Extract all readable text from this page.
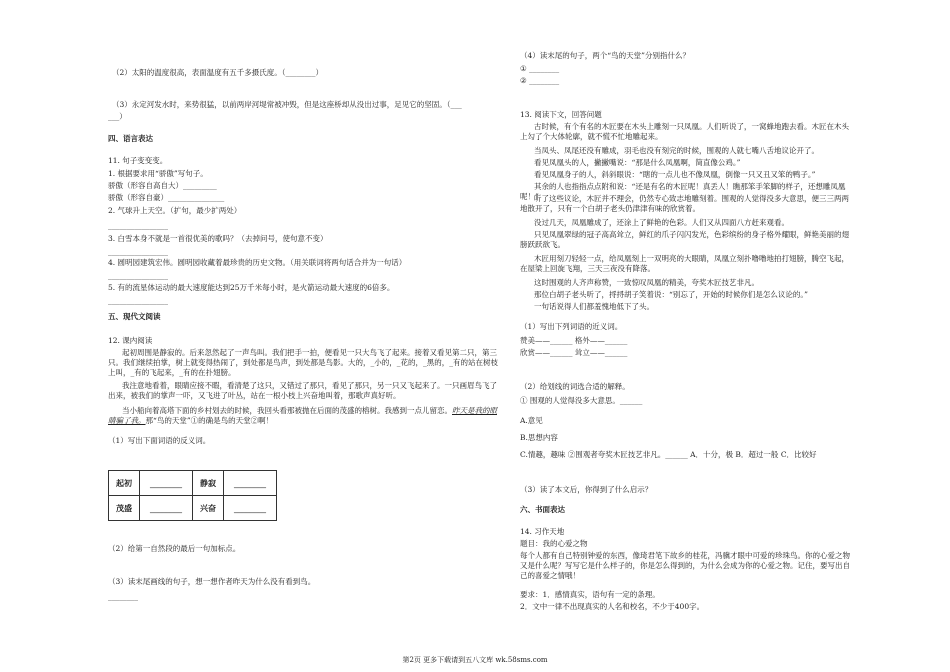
（2）太阳的温度很高，表面温度有五千多摄氏度。（________）
（3）永定河发水时，来势很猛，以前两岸河堤常被冲毁，但是这座桥却从没出过事，足见它的坚固。（___
___）
四、语言表达
11. 句子变变变。
1. 根据要求用“骄傲”写句子。
骄傲（形容自高自大）_________
骄傲（形容自豪）_______________
2. 气球升上天空。（扩句，最少扩两处）
________________
3. 白雪本身不就是一首很优美的歌吗？（去掉问号，使句意不变）
________________
4. 圆明园建筑宏伟。圆明园收藏着最珍贵的历史文物。（用关联词将两句话合并为一句话）
________________
5. 有的流星体运动的最大速度能达到25万千米每小时，是火箭运动最大速度的6倍多。
________________
五、现代文阅读
12. 课内阅读
起初周围是静寂的。后来忽然起了一声鸟叫。我们把手一拍，便看见一只大鸟飞了起来。接着又看见第二只，第三只。我们继续拍掌，树上就变得热闹了，到处都是鸟声，到处都是鸟影。大的，_小的，_花的，_黑的，_有的站在树枝上叫，_有的飞起来，_有的在扑翅膀。
我注意地看着，眼睛应接不暇，看清楚了这只，又错过了那只，看见了那只，另一只又飞起来了。一只画眉鸟飞了出来，被我们的掌声一吓，又飞进了叶丛，站在一根小枝上兴奋地叫着，那歌声真好听。
当小船向着高塔下面的乡村划去的时候，我回头看那被抛在后面的茂盛的榕树。我感到一点儿留恋。昨天是我的眼睛骗了我。那“鸟的天堂”①的确是鸟的天堂②啊！
（1）写出下面词语的反义词。
起初	________	静寂	________
茂盛	________	兴奋	________
（2）给第一自然段的最后一句加标点。
（3）读末尾画线的句子，想一想作者昨天为什么没有看到鸟。
________
（4）读末尾的句子，两个“鸟的天堂”分别指什么？
① ________
② ________
13. 阅读下文，回答问题
古时候，有个有名的木匠要在木头上雕刻一只凤凰。人们听说了，一窝蜂地跑去看。木匠在木头上勾了个大体轮廓，就不慌不忙地雕起来。
当凤头、凤尾还没有雕成，羽毛也没有刻完的时候，围观的人就七嘴八舌地议论开了。
看见凤凰头的人，撇撇嘴说：“那是什么凤凰啊，简直像公鸡。”
看见凤凰身子的人，斜斜眼说：“瞎的一点儿也不像凤凰，倒像一只又丑又笨的鸭子。”
其余的人也指指点点附和说：“还是有名的木匠呢！真丢人！瞧那笨手笨脚的样子，还想雕凤凰呢！”
听了这些议论，木匠并不理会，仍然专心致志地雕刻着。围观的人觉得没多大意思，便三三两两地散开了，只有一个白胡子老头仍津津有味的欣赏着。
没过几天，凤凰雕成了，还涂上了鲜艳的色彩。人们又从四面八方赶来观看。
只见凤凰翠绿的冠子高高耸立，鲜红的爪子闪闪发光，色彩缤纷的身子格外耀眼，鲜艳美丽的翅膀跃跃欲飞。
木匠用刻刀轻轻一点，给凤凰刻上一双明亮的大眼睛，凤凰立刻扑噜噜地拍打翅膀，腾空飞起，在屋梁上回旋飞翔，三天三夜没有降落。
这时围观的人齐声称赞，一致惊叹凤凰的精美，夸奖木匠技艺非凡。
那位白胡子老头听了，捋捋胡子笑着说：“别忘了，开始的时候你们是怎么议论的。”
一句话说得人们都羞愧地低下了头。
（1）写出下列词语的近义词。
赞美——______ 格外——______
欣赏——______ 耸立——______
（2）给划线的词选合适的解释。
① 围观的人觉得没多大意思。______
A.意见
B.思想内容
C.情趣，趣味 ②围观者夸奖木匠技艺非凡。______ A．十分，极 B．超过一般 C．比较好
（3）读了本文后，你得到了什么启示？
六、书面表达
14. 习作天地
题目：我的心爱之物
每个人都有自己特别钟爱的东西，像琦君笔下故乡的桂花，冯骥才眼中可爱的珍珠鸟。你的心爱之物又是什么呢？写写它是什么样子的，你是怎么得到的，为什么会成为你的心爱之物。记住，要写出自己的喜爱之情哦！
要求：1．感情真实，语句有一定的条理。
2．文中一律不出现真实的人名和校名，不少于400字。
第2页 更多下载请到五八文库 wk.58sms.com
